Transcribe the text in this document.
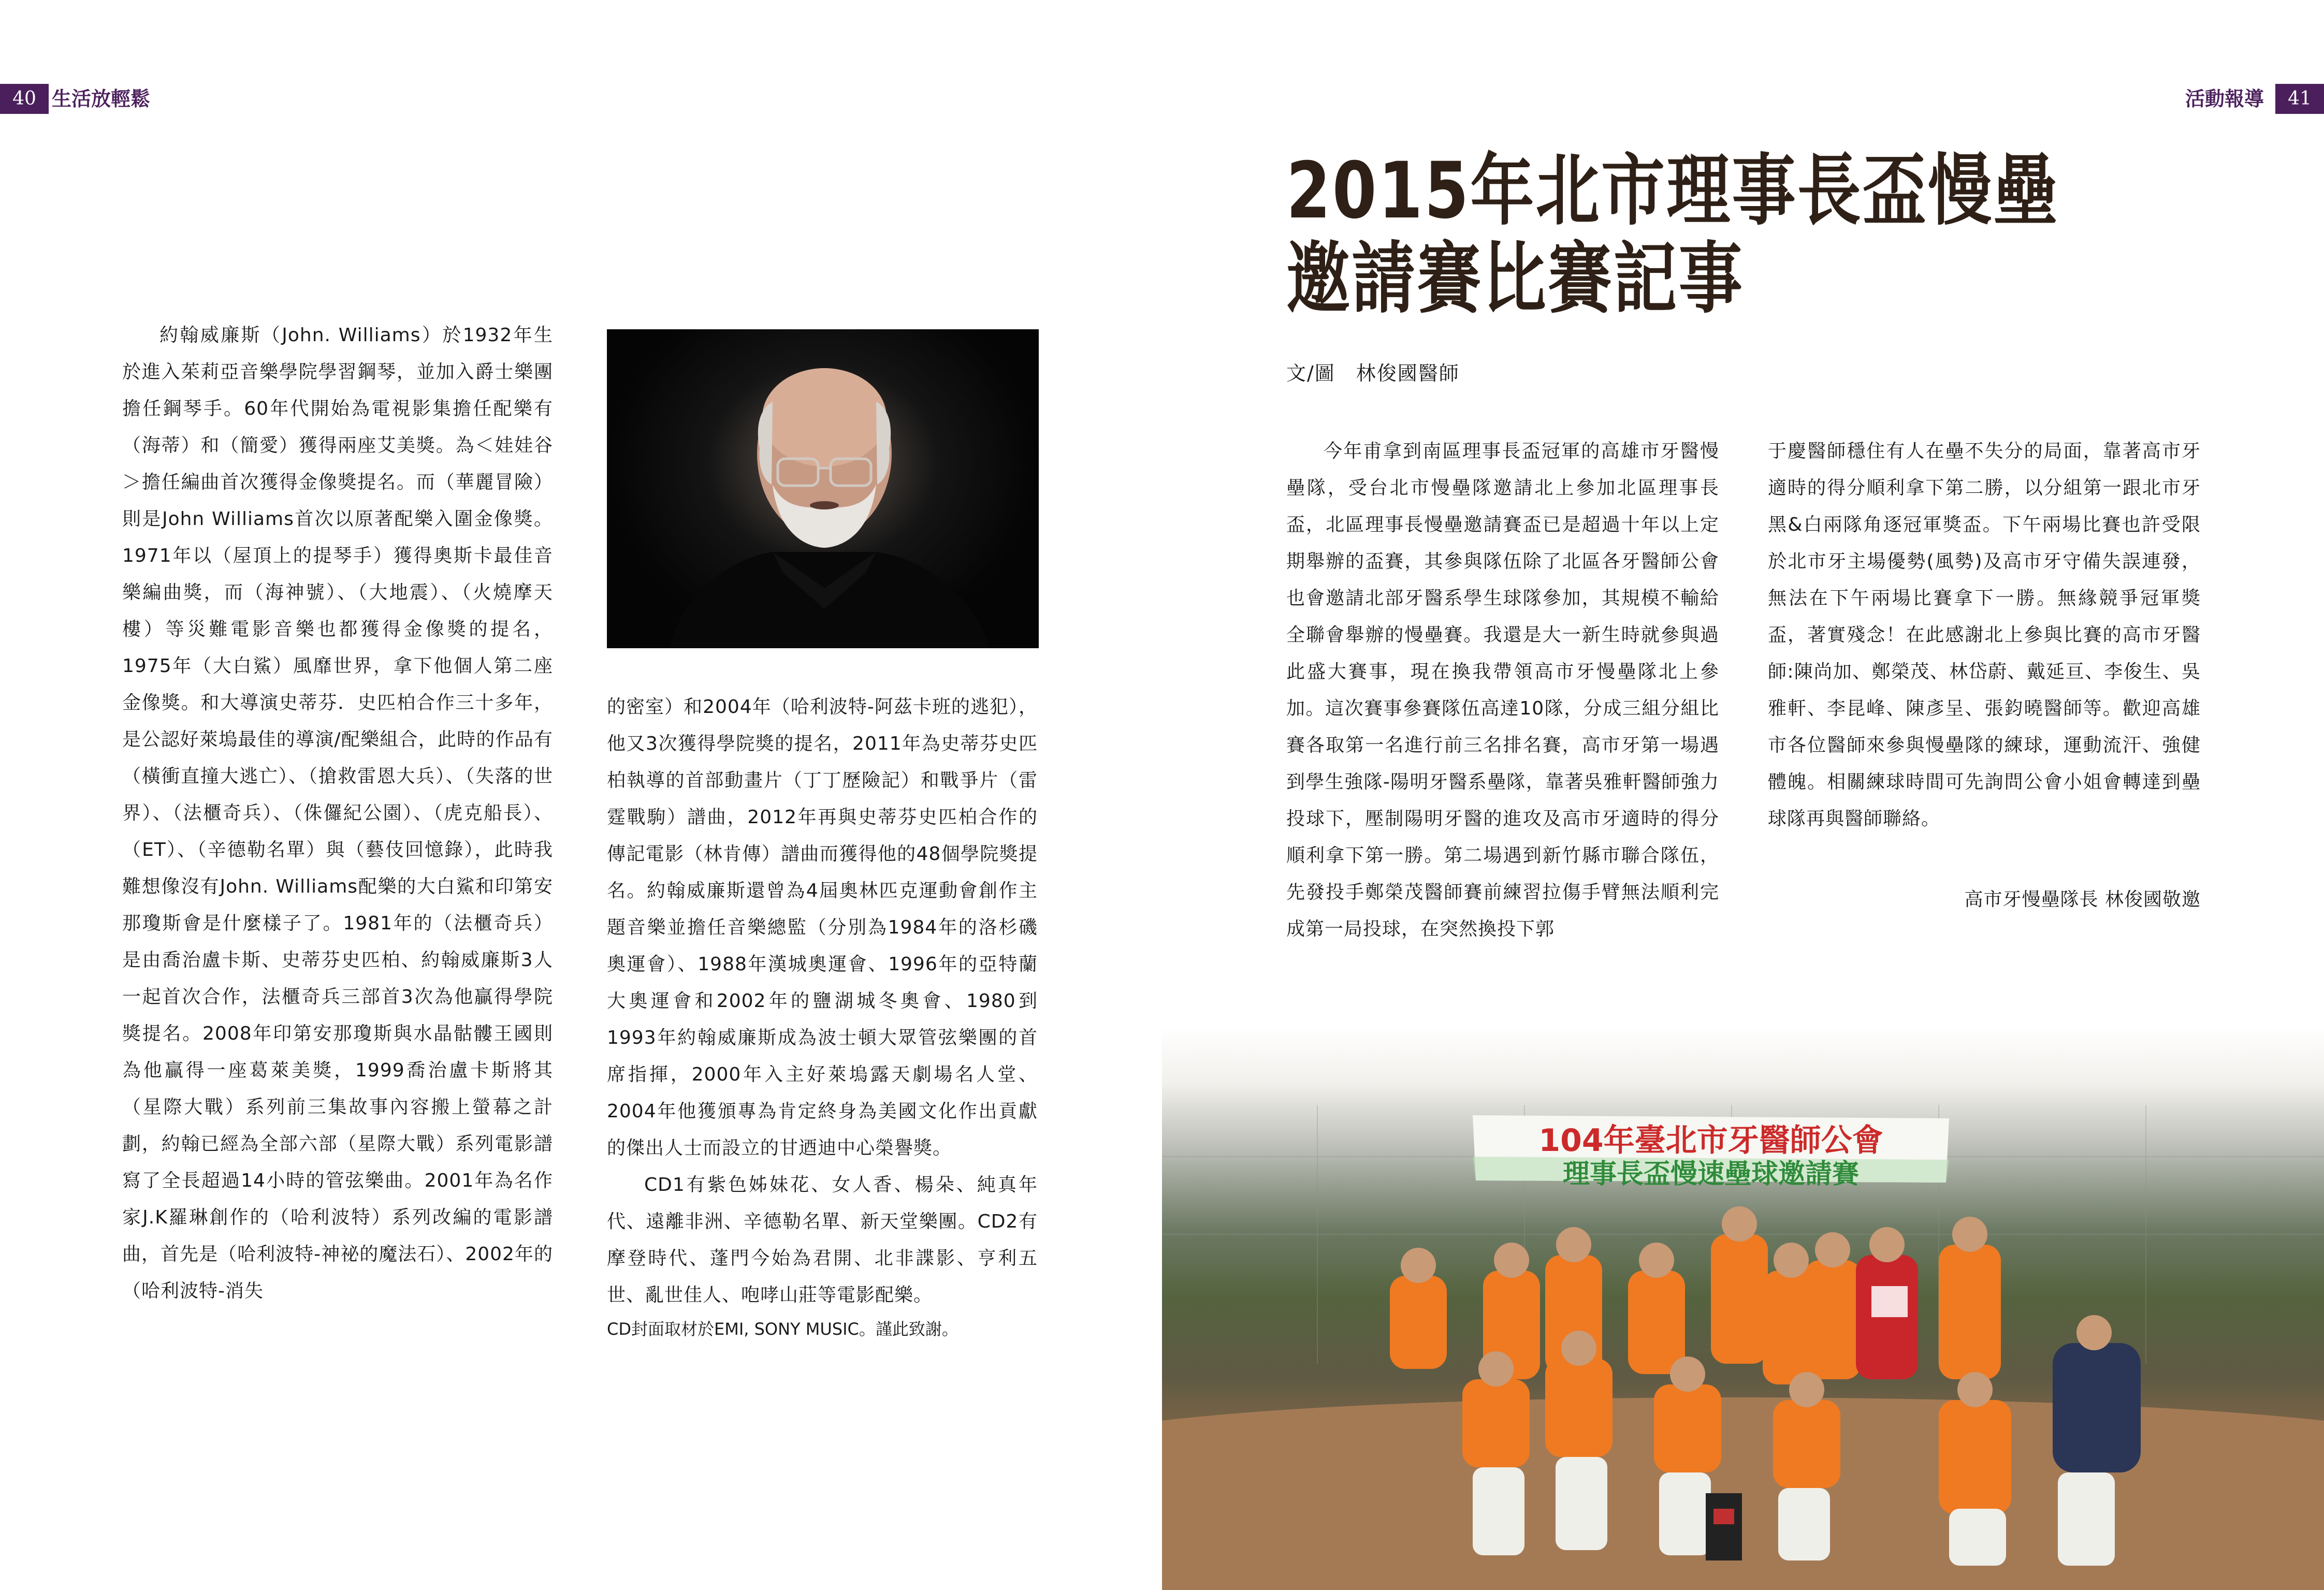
40 生活放輕鬆

約翰威廉斯（John. Williams）於1932年生於進入茱莉亞音樂學院學習鋼琴，並加入爵士樂團擔任鋼琴手。60年代開始為電視影集擔任配樂有（海蒂）和（簡愛）獲得兩座艾美獎。為＜娃娃谷＞擔任編曲首次獲得金像獎提名。而（華麗冒險）則是John Williams首次以原著配樂入圍金像獎。1971年以（屋頂上的提琴手）獲得奧斯卡最佳音樂編曲獎，而（海神號）、（大地震）、（火燒摩天樓）等災難電影音樂也都獲得金像獎的提名，1975年（大白鯊）風靡世界，拿下他個人第二座金像獎。和大導演史蒂芬．史匹柏合作三十多年，是公認好萊塢最佳的導演/配樂組合，此時的作品有（橫衝直撞大逃亡）、（搶救雷恩大兵）、（失落的世界）、（法櫃奇兵）、（侏儸紀公園）、（虎克船長）、（ET）、（辛德勒名單）與（藝伎回憶錄），此時我難想像沒有John. Williams配樂的大白鯊和印第安那瓊斯會是什麼樣子了。1981年的（法櫃奇兵）是由喬治盧卡斯、史蒂芬史匹柏、約翰威廉斯3人一起首次合作，法櫃奇兵三部首3次為他贏得學院獎提名。2008年印第安那瓊斯與水晶骷髏王國則為他贏得一座葛萊美獎，1999喬治盧卡斯將其（星際大戰）系列前三集故事內容搬上螢幕之計劃，約翰已經為全部六部（星際大戰）系列電影譜寫了全長超過14小時的管弦樂曲。2001年為名作家J.K羅琳創作的（哈利波特）系列改編的電影譜曲，首先是（哈利波特-神祕的魔法石）、2002年的（哈利波特-消失

的密室）和2004年（哈利波特-阿茲卡班的逃犯），他又3次獲得學院獎的提名，2011年為史蒂芬史匹柏執導的首部動畫片（丁丁歷險記）和戰爭片（雷霆戰駒）譜曲，2012年再與史蒂芬史匹柏合作的傳記電影（林肯傳）譜曲而獲得他的48個學院獎提名。約翰威廉斯還曾為4屆奧林匹克運動會創作主題音樂並擔任音樂總監（分別為1984年的洛杉磯奧運會）、1988年漢城奧運會、1996年的亞特蘭大奧運會和2002年的鹽湖城冬奧會、1980到1993年約翰威廉斯成為波士頓大眾管弦樂團的首席指揮，2000年入主好萊塢露天劇場名人堂、2004年他獲頒專為肯定終身為美國文化作出貢獻的傑出人士而設立的甘迺迪中心榮譽獎。

CD1有紫色姊妹花、女人香、楊朵、純真年代、遠離非洲、辛德勒名單、新天堂樂團。CD2有摩登時代、蓬門今始為君開、北非諜影、亨利五世、亂世佳人、咆哮山莊等電影配樂。

CD封面取材於EMI, SONY MUSIC。謹此致謝。

活動報導	41
2015年北市理事長盃慢壘
邀請賽比賽記事
文/圖　林俊國醫師

今年甫拿到南區理事長盃冠軍的高雄市牙醫慢壘隊，受台北市慢壘隊邀請北上參加北區理事長盃，北區理事長慢壘邀請賽盃已是超過十年以上定期舉辦的盃賽，其參與隊伍除了北區各牙醫師公會也會邀請北部牙醫系學生球隊參加，其規模不輸給全聯會舉辦的慢壘賽。我還是大一新生時就參與過此盛大賽事，現在換我帶領高市牙慢壘隊北上參加。這次賽事參賽隊伍高達10隊，分成三組分組比賽各取第一名進行前三名排名賽，高市牙第一場遇到學生強隊-陽明牙醫系壘隊，靠著吳雅軒醫師強力投球下，壓制陽明牙醫的進攻及高市牙適時的得分順利拿下第一勝。第二場遇到新竹縣市聯合隊伍，先發投手鄭榮茂醫師賽前練習拉傷手臂無法順利完成第一局投球，在突然換投下郭

于慶醫師穩住有人在壘不失分的局面，靠著高市牙適時的得分順利拿下第二勝，以分組第一跟北市牙黑&白兩隊角逐冠軍獎盃。下午兩場比賽也許受限於北市牙主場優勢(風勢)及高市牙守備失誤連發，無法在下午兩場比賽拿下一勝。無緣競爭冠軍獎盃，著實殘念！在此感謝北上參與比賽的高市牙醫師:陳尚加、鄭榮茂、林岱蔚、戴延亘、李俊生、吳雅軒、李昆峰、陳彥呈、張鈞曉醫師等。歡迎高雄市各位醫師來參與慢壘隊的練球，運動流汗、強健體魄。相關練球時間可先詢問公會小姐會轉達到壘球隊再與醫師聯絡。

高市牙慢壘隊長 林俊國敬邀
104年臺北市牙醫師公會
理事長盃慢速壘球邀請賽
